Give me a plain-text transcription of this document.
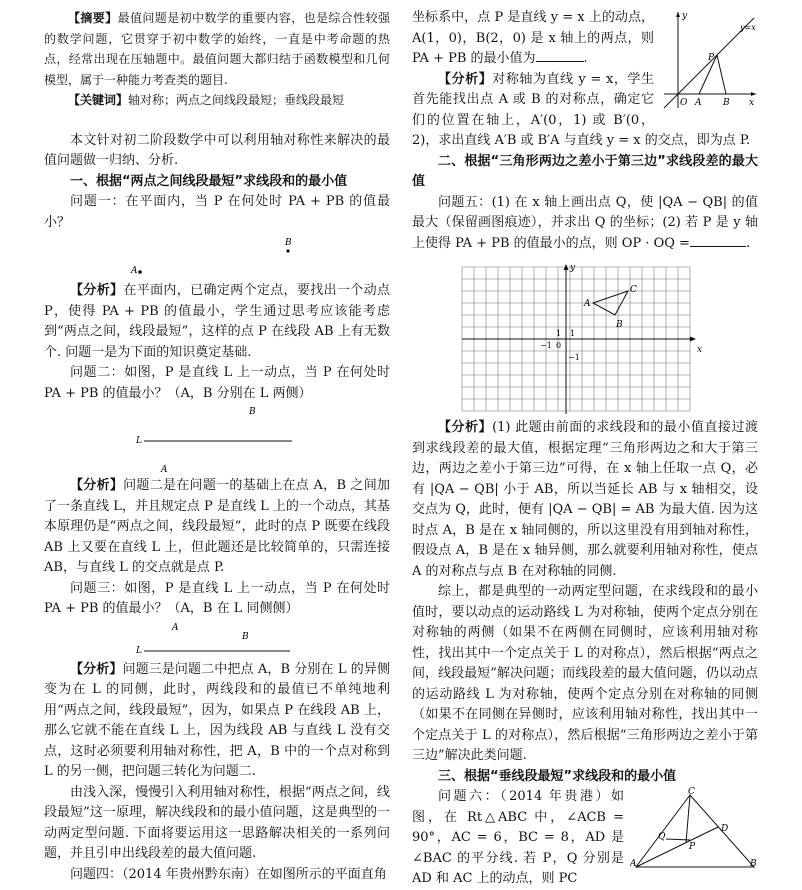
【摘要】最值问题是初中数学的重要内容，也是综合性较强的数学问题，它贯穿于初中数学的始终，一直是中考命题的热点，经常出现在压轴题中。最值问题大都归结于函数模型和几何模型，属于一种能力考查类的题目.

【关键词】轴对称；两点之间线段最短；垂线段最短

本文针对初二阶段数学中可以利用轴对称性来解决的最值问题做一归纳、分析.

一、根据“两点之间线段最短”求线段和的最小值

问题一：在平面内，当 P 在何处时 PA + PB 的值最小？

B
A

【分析】在平面内，已确定两个定点，要找出一个动点 P，使得 PA + PB 的值最小，学生通过思考应该能考虑到“两点之间，线段最短”，这样的点 P 在线段 AB 上有无数个. 问题一是为下面的知识奠定基础.

问题二：如图，P 是直线 L 上一动点，当 P 在何处时 PA + PB 的值最小？（A，B 分别在 L 两侧）

B
L
A

【分析】问题二是在问题一的基础上在点 A，B 之间加了一条直线 L，并且规定点 P 是直线 L 上的一个动点，其基本原理仍是“两点之间，线段最短”，此时的点 P 既要在线段 AB 上又要在直线 L 上，但此题还是比较简单的，只需连接 AB，与直线 L 的交点就是点 P.

问题三：如图，P 是直线 L 上一动点，当 P 在何处时 PA + PB 的值最小？（A，B 在 L 同侧侧）

A
B
L

【分析】问题三是问题二中把点 A，B 分别在 L 的异侧变为在 L 的同侧，此时，两线段和的最值已不单纯地利用“两点之间，线段最短”，因为，如果点 P 在线段 AB 上，那么它就不能在直线 L 上，因为线段 AB 与直线 L 没有交点，这时必须要利用轴对称性，把 A，B 中的一个点对称到 L 的另一侧，把问题三转化为问题二.

由浅入深，慢慢引入利用轴对称性，根据“两点之间，线段最短”这一原理，解决线段和的最小值问题，这是典型的一动两定型问题. 下面将要运用这一思路解决相关的一系列问题，并且引申出线段差的最大值问题.

问题四：（2014 年贵州黔东南）在如图所示的平面直角

y=x
y
x
P
O A B

坐标系中，点 P 是直线 y = x 上的动点，A(1，0)，B(2，0) 是 x 轴上的两点，则 PA + PB 的最小值为	.

【分析】对称轴为直线 y = x，学生首先能找出点 A 或 B 的对称点，确定它们的位置在轴上，A′(0，1) 或 B′(0，2)，求出直线 A′B 或 B′A 与直线 y = x 的交点，即为点 P.

二、根据“三角形两边之差小于第三边”求线段差的最大值

问题五：(1) 在 x 轴上画出点 Q，使 |QA − QB| 的值最大（保留画图痕迹），并求出 Q 的坐标；(2) 若 P 是 y 轴上使得 PA + PB 的值最小的点，则 OP · OQ =	.

y
x
A
C
B
1
1
0
−1
−1

【分析】(1) 此题由前面的求线段和的最小值直接过渡到求线段差的最大值，根据定理“三角形两边之和大于第三边，两边之差小于第三边”可得，在 x 轴上任取一点 Q，必有 |QA − QB| 小于 AB，所以当延长 AB 与 x 轴相交，设交点为 Q，此时，便有 |QA − QB| = AB 为最大值. 因为这时点 A，B 是在 x 轴同侧的，所以这里没有用到轴对称性，假设点 A，B 是在 x 轴异侧，那么就要利用轴对称性，使点 A 的对称点与点 B 在对称轴的同侧.

综上，都是典型的一动两定型问题，在求线段和的最小值时，要以动点的运动路线 L 为对称轴，使两个定点分别在对称轴的两侧（如果不在两侧在同侧时，应该利用轴对称性，找出其中一个定点关于 L 的对称点），然后根据“两点之间，线段最短”解决问题；而线段差的最大值问题，仍以动点的运动路线 L 为对称轴，使两个定点分别在对称轴的同侧（如果不在同侧在异侧时，应该利用轴对称性，找出其中一个定点关于 L 的对称点），然后根据“三角形两边之差小于第三边”解决此类问题.

三、根据“垂线段最短”求线段和的最小值

C
D
Q
P
A	B

问题六：（2014 年贵港）如图，在 Rt△ABC 中，∠ACB = 90°，AC = 6，BC = 8，AD 是 ∠BAC 的平分线. 若 P，Q 分别是 AD 和 AC 上的动点，则 PC
